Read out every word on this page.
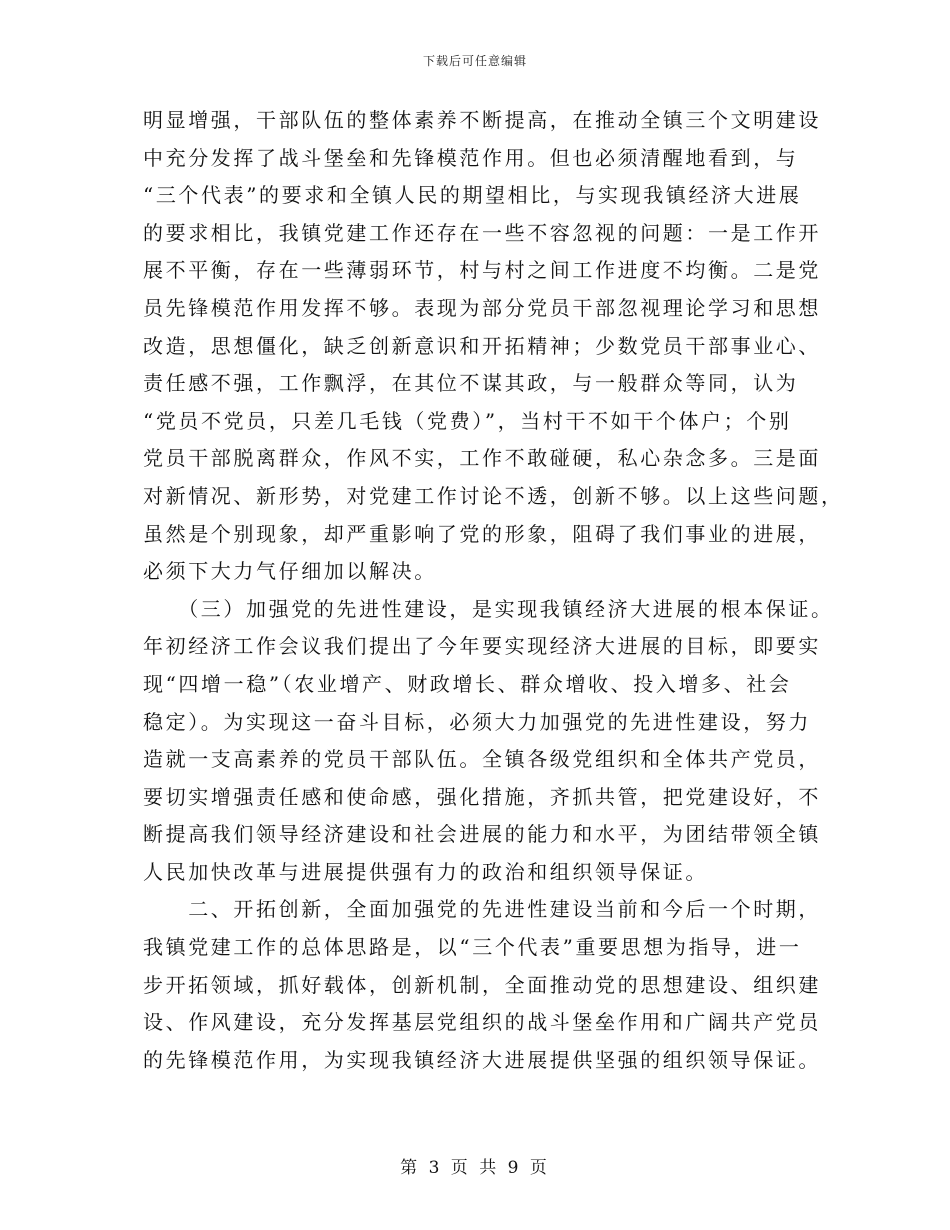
下载后可任意编辑
明显增强，干部队伍的整体素养不断提高，在推动全镇三个文明建设
中充分发挥了战斗堡垒和先锋模范作用。但也必须清醒地看到，与
“三个代表”的要求和全镇人民的期望相比，与实现我镇经济大进展
的要求相比，我镇党建工作还存在一些不容忽视的问题：一是工作开
展不平衡，存在一些薄弱环节，村与村之间工作进度不均衡。二是党
员先锋模范作用发挥不够。表现为部分党员干部忽视理论学习和思想
改造，思想僵化，缺乏创新意识和开拓精神；少数党员干部事业心、
责任感不强，工作飘浮，在其位不谋其政，与一般群众等同，认为
“党员不党员，只差几毛钱（党费）”，当村干不如干个体户；个别
党员干部脱离群众，作风不实，工作不敢碰硬，私心杂念多。三是面
对新情况、新形势，对党建工作讨论不透，创新不够。以上这些问题，
虽然是个别现象，却严重影响了党的形象，阻碍了我们事业的进展，
必须下大力气仔细加以解决。
　　（三）加强党的先进性建设，是实现我镇经济大进展的根本保证。
年初经济工作会议我们提出了今年要实现经济大进展的目标，即要实
现“四增一稳”（农业增产、财政增长、群众增收、投入增多、社会
稳定）。为实现这一奋斗目标，必须大力加强党的先进性建设，努力
造就一支高素养的党员干部队伍。全镇各级党组织和全体共产党员，
要切实增强责任感和使命感，强化措施，齐抓共管，把党建设好，不
断提高我们领导经济建设和社会进展的能力和水平，为团结带领全镇
人民加快改革与进展提供强有力的政治和组织领导保证。
　　二、开拓创新，全面加强党的先进性建设当前和今后一个时期，
我镇党建工作的总体思路是，以“三个代表”重要思想为指导，进一
步开拓领域，抓好载体，创新机制，全面推动党的思想建设、组织建
设、作风建设，充分发挥基层党组织的战斗堡垒作用和广阔共产党员
的先锋模范作用，为实现我镇经济大进展提供坚强的组织领导保证。
第 3 页 共 9 页
